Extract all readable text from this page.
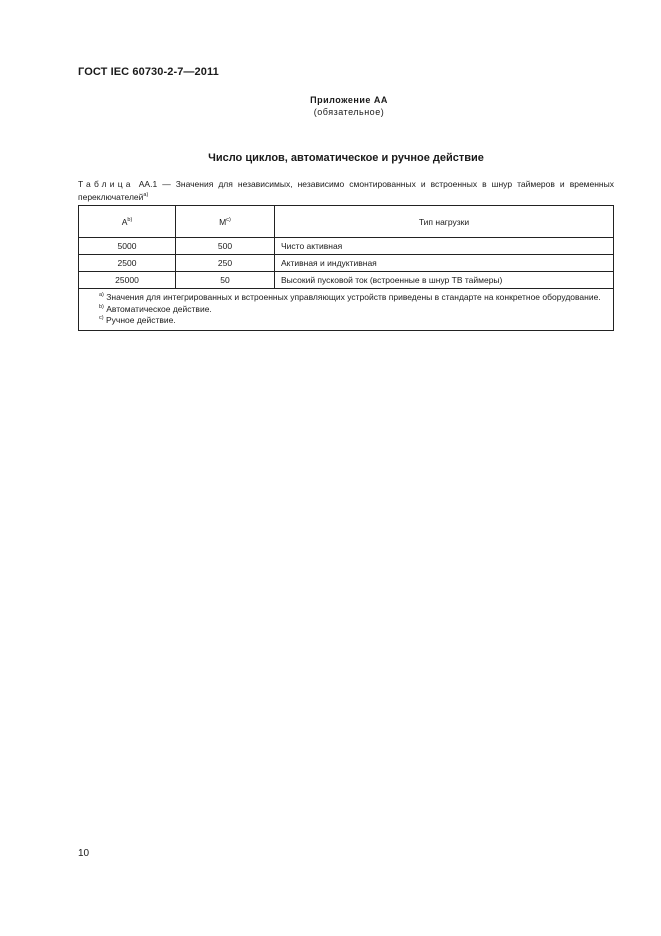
ГОСТ IEC 60730-2-7—2011
Приложение АА
(обязательное)
Число циклов, автоматическое и ручное действие
Таблица АА.1 — Значения для независимых, независимо смонтированных и встроенных в шнур таймеров и временных переключателей$^{a)}$
$A^{b)}$	$M^{c)}$	Тип нагрузки
5000	500	Чисто активная
2500	250	Активная и индуктивная
25000	50	Высокий пусковой ток (встроенные в шнур ТВ таймеры)

$^{a)}$ Значения для интегрированных и встроенных управляющих устройств приведены в стандарте на конкретное оборудование.
$^{b)}$ Автоматическое действие.
$^{c)}$ Ручное действие.		
10
